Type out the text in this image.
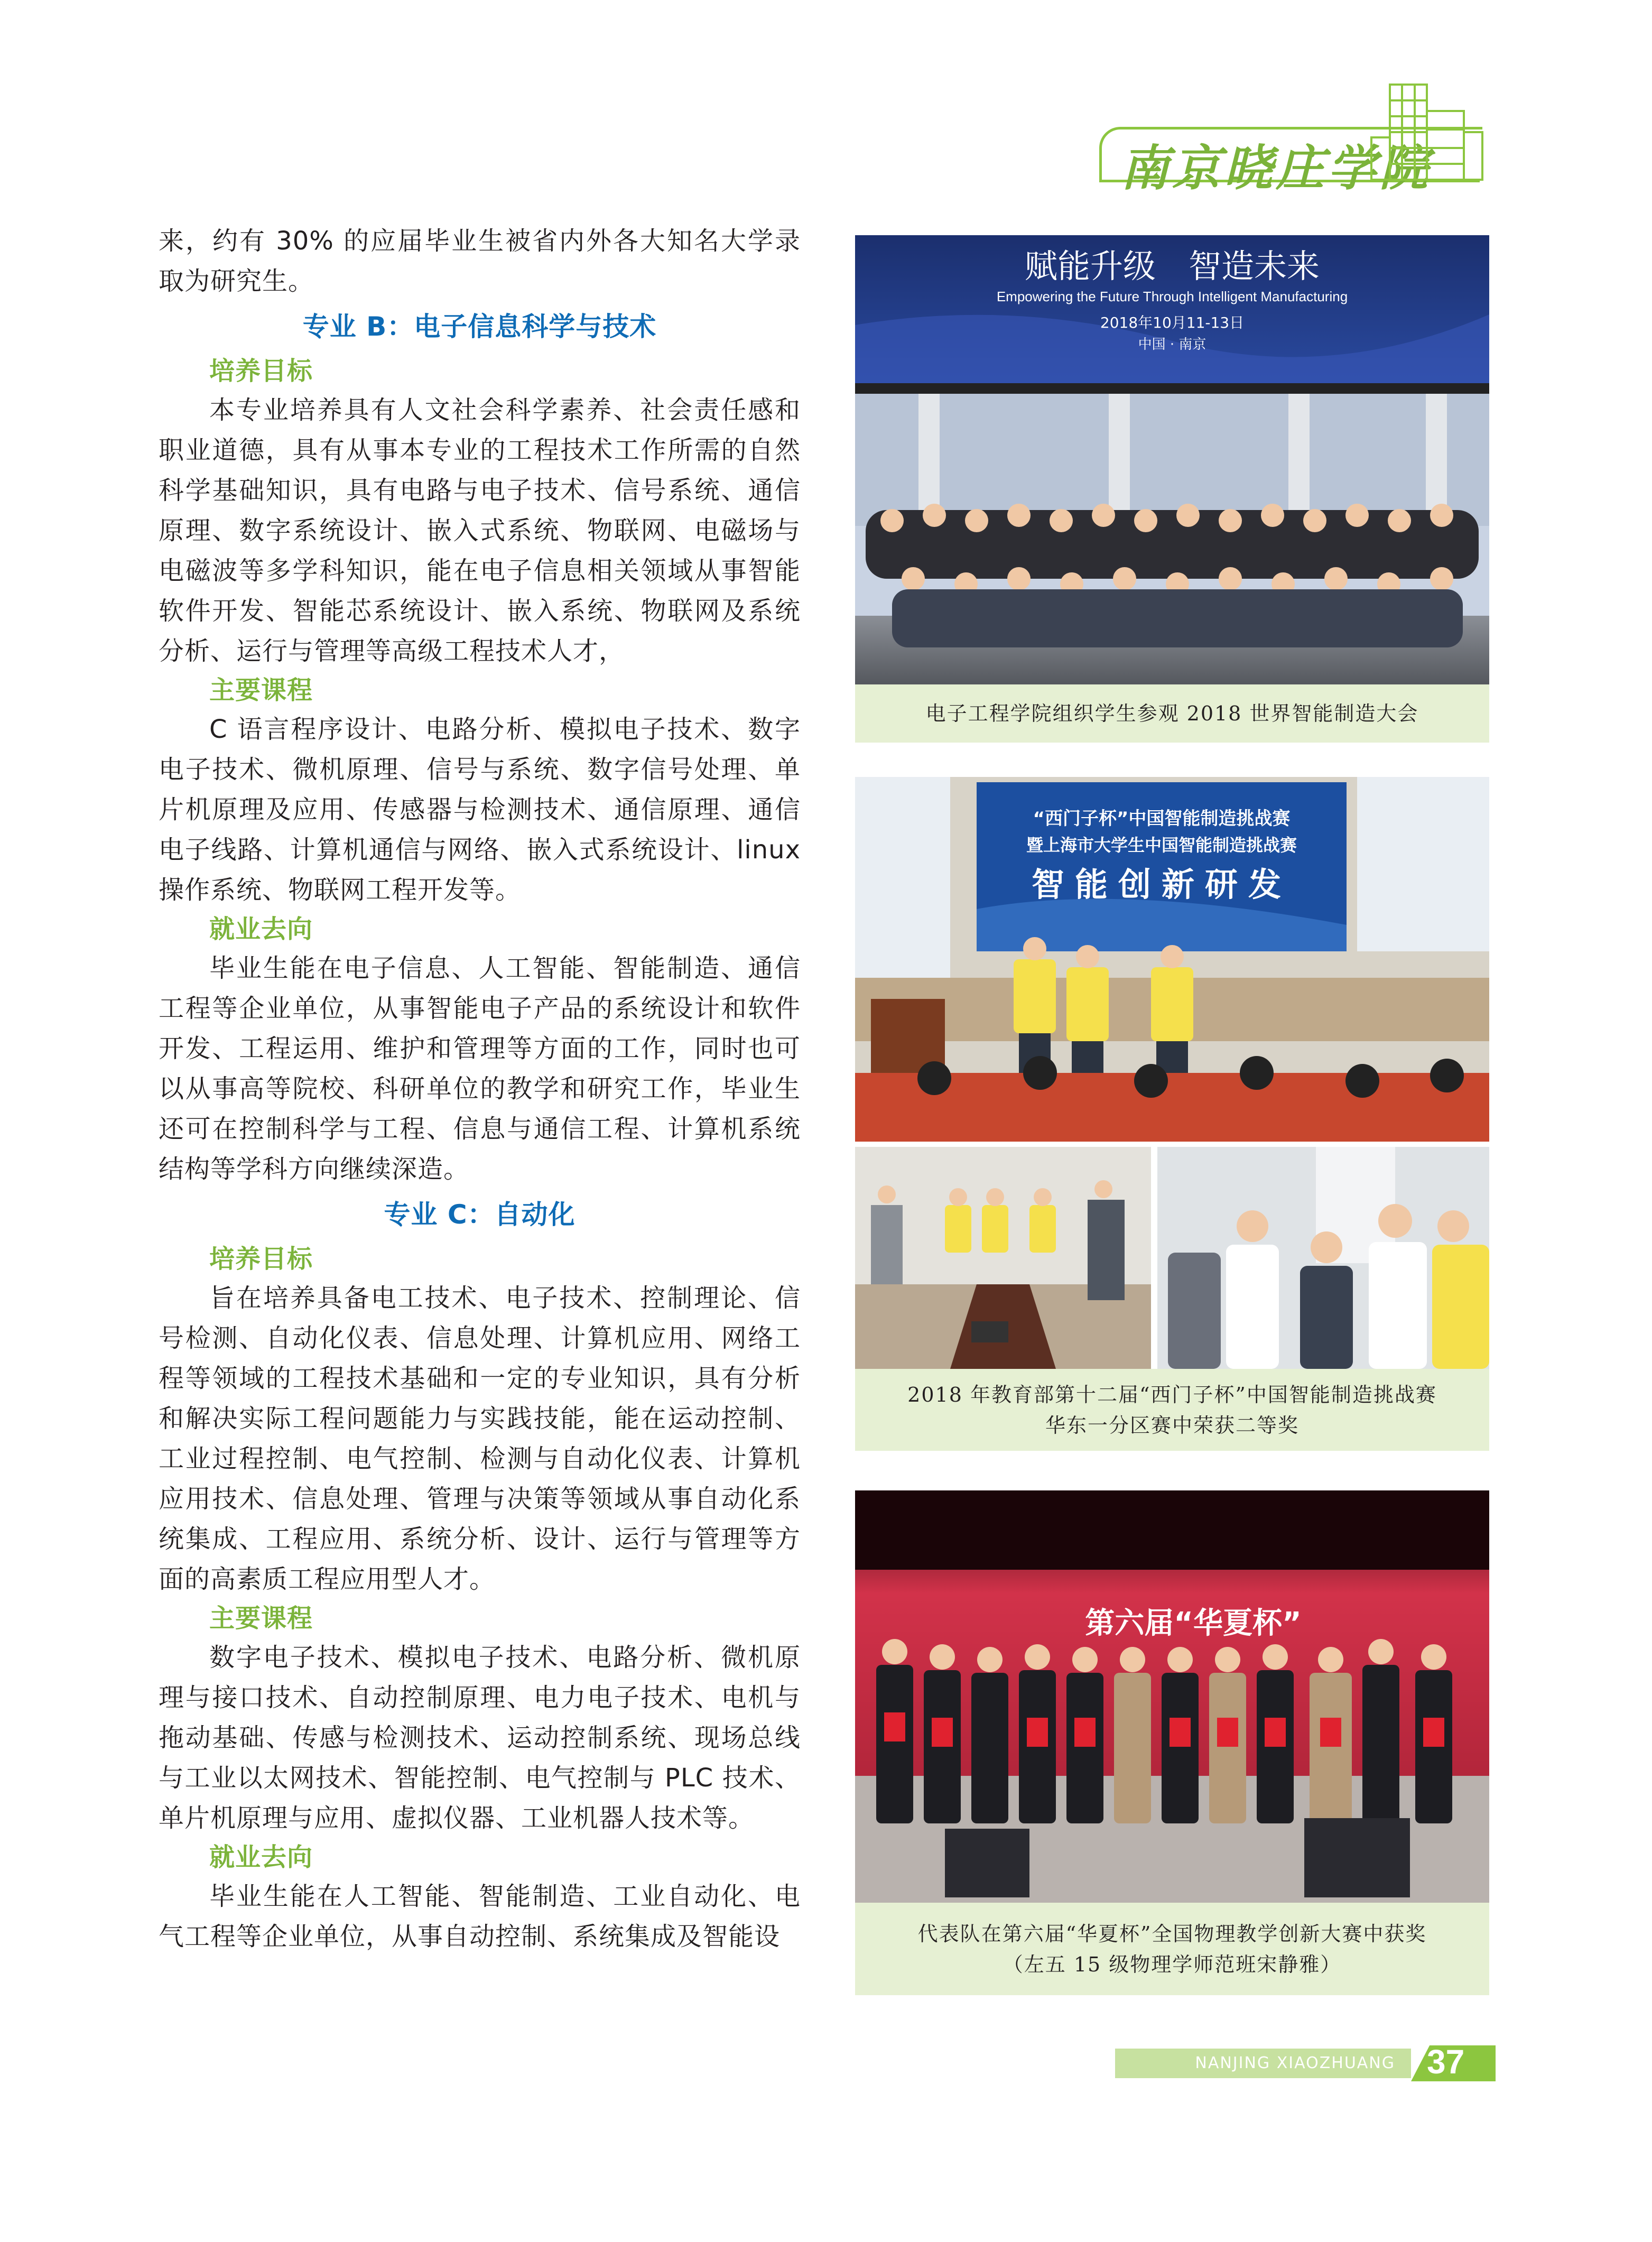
南京晓庄学院

来，约有 30% 的应届毕业生被省内外各大知名大学录取为研究生。

专业 B：电子信息科学与技术

培养目标

本专业培养具有人文社会科学素养、社会责任感和职业道德，具有从事本专业的工程技术工作所需的自然科学基础知识，具有电路与电子技术、信号系统、通信原理、数字系统设计、嵌入式系统、物联网、电磁场与电磁波等多学科知识，能在电子信息相关领域从事智能软件开发、智能芯系统设计、嵌入系统、物联网及系统分析、运行与管理等高级工程技术人才，

主要课程

C 语言程序设计、电路分析、模拟电子技术、数字电子技术、微机原理、信号与系统、数字信号处理、单片机原理及应用、传感器与检测技术、通信原理、通信电子线路、计算机通信与网络、嵌入式系统设计、linux 操作系统、物联网工程开发等。

就业去向

毕业生能在电子信息、人工智能、智能制造、通信工程等企业单位，从事智能电子产品的系统设计和软件开发、工程运用、维护和管理等方面的工作，同时也可以从事高等院校、科研单位的教学和研究工作，毕业生还可在控制科学与工程、信息与通信工程、计算机系统结构等学科方向继续深造。

专业 C：自动化

培养目标

旨在培养具备电工技术、电子技术、控制理论、信号检测、自动化仪表、信息处理、计算机应用、网络工程等领域的工程技术基础和一定的专业知识，具有分析和解决实际工程问题能力与实践技能，能在运动控制、工业过程控制、电气控制、检测与自动化仪表、计算机应用技术、信息处理、管理与决策等领域从事自动化系统集成、工程应用、系统分析、设计、运行与管理等方面的高素质工程应用型人才。

主要课程

数字电子技术、模拟电子技术、电路分析、微机原理与接口技术、自动控制原理、电力电子技术、电机与拖动基础、传感与检测技术、运动控制系统、现场总线与工业以太网技术、智能控制、电气控制与 PLC 技术、单片机原理与应用、虚拟仪器、工业机器人技术等。

就业去向

毕业生能在人工智能、智能制造、工业自动化、电气工程等企业单位，从事自动控制、系统集成及智能设

赋能升级　智造未来
Empowering the Future Through Intelligent Manufacturing
2018年10月11-13日
中国 · 南京
电子工程学院组织学生参观 2018 世界智能制造大会
“西门子杯”中国智能制造挑战赛
暨上海市大学生中国智能制造挑战赛
智能创新研发
2018 年教育部第十二届“西门子杯”中国智能制造挑战赛
华东一分区赛中荣获二等奖
第六届“华夏杯”
代表队在第六届“华夏杯”全国物理教学创新大赛中获奖
（左五 15 级物理学师范班宋静雅）
NANJING XIAOZHUANG UNIVERSITY
37
